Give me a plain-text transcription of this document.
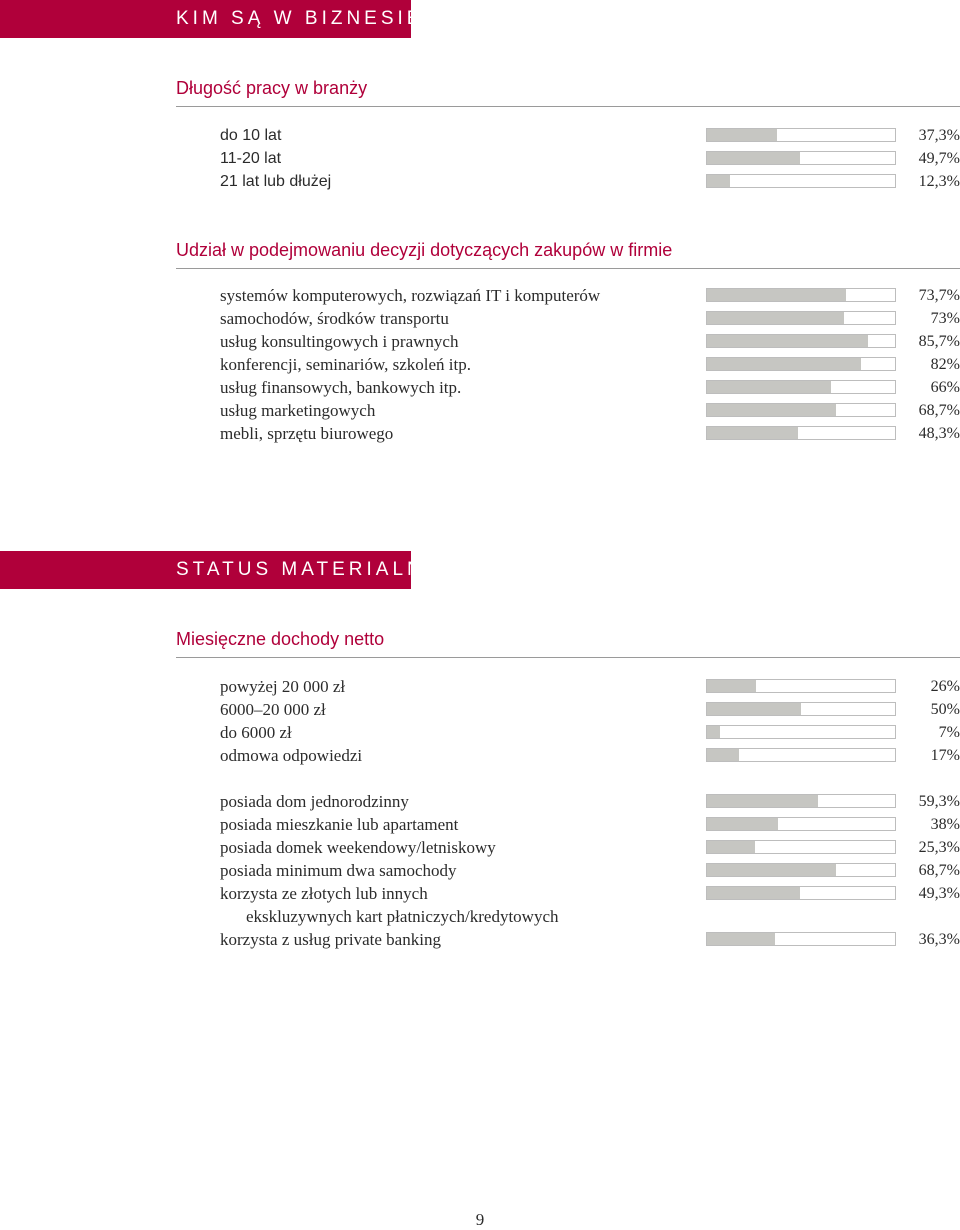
KIM SĄ W BIZNESIE?
Długość pracy w branży
do 10 lat	37,3%
11-20 lat	49,7%
21 lat lub dłużej	12,3%
Udział w podejmowaniu decyzji dotyczących zakupów w firmie
systemów komputerowych, rozwiązań IT i komputerów	73,7%
samochodów, środków transportu	73%
usług konsultingowych i prawnych	85,7%
konferencji, seminariów, szkoleń itp.	82%
usług finansowych, bankowych itp.	66%
usług marketingowych	68,7%
mebli, sprzętu biurowego	48,3%
STATUS MATERIALNY
Miesięczne dochody netto
powyżej 20 000 zł	26%
6000–20 000 zł	50%
do 6000 zł	7%
odmowa odpowiedzi	17%
posiada dom jednorodzinny	59,3%
posiada mieszkanie lub apartament	38%
posiada domek weekendowy/letniskowy	25,3%
posiada minimum dwa samochody	68,7%
korzysta ze złotych lub innych	49,3%
ekskluzywnych kart płatniczych/kredytowych
korzysta z usług private banking	36,3%
9
